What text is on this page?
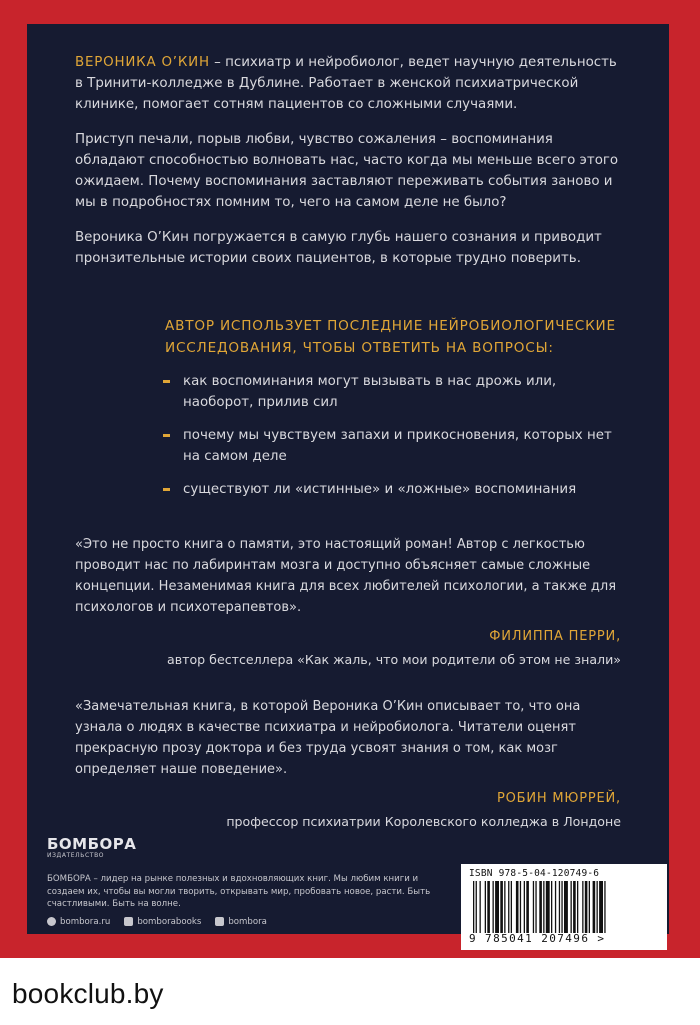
ВЕРОНИКА О’КИН – психиатр и нейробиолог, ведет научную деятельность в Тринити-колледже в Дублине. Работает в женской психиатрической клинике, помогает сотням пациентов со сложными случаями.

Приступ печали, порыв любви, чувство сожаления – воспоминания обладают способностью волновать нас, часто когда мы меньше всего этого ожидаем. Почему воспоминания заставляют переживать события заново и мы в подробностях помним то, чего на самом деле не было?

Вероника О’Кин погружается в самую глубь нашего сознания и приводит пронзительные истории своих пациентов, в которые трудно поверить.

АВТОР ИСПОЛЬЗУЕТ ПОСЛЕДНИЕ НЕЙРОБИОЛОГИЧЕСКИЕ
ИССЛЕДОВАНИЯ, ЧТОБЫ ОТВЕТИТЬ НА ВОПРОСЫ:
как воспоминания могут вызывать в нас дрожь или, наоборот, прилив сил
почему мы чувствуем запахи и прикосновения, которых нет на самом деле
существуют ли «истинные» и «ложные» воспоминания

«Это не просто книга о памяти, это настоящий роман! Автор с легкостью проводит нас по лабиринтам мозга и доступно объясняет самые сложные концепции. Незаменимая книга для всех любителей психологии, а также для психологов и психотерапевтов».

ФИЛИППА ПЕРРИ,

автор бестселлера «Как жаль, что мои родители об этом не знали»

«Замечательная книга, в которой Вероника О’Кин описывает то, что она узнала о людях в качестве психиатра и нейробиолога. Читатели оценят прекрасную прозу доктора и без труда усвоят знания о том, как мозг определяет наше поведение».

РОБИН МЮРРЕЙ,

профессор психиатрии Королевского колледжа в Лондоне

БОМБОРА
ИЗДАТЕЛЬСТВО
БОМБОРА – лидер на рынке полезных и вдохновляющих книг. Мы любим книги и создаем их, чтобы вы могли творить, открывать мир, пробовать новое, расти. Быть счастливыми. Быть на волне.
bombora.ru	bomborabooks	bombora
ISBN 978-5-04-120749-6
9 785041 207496 >
bookclub.by
